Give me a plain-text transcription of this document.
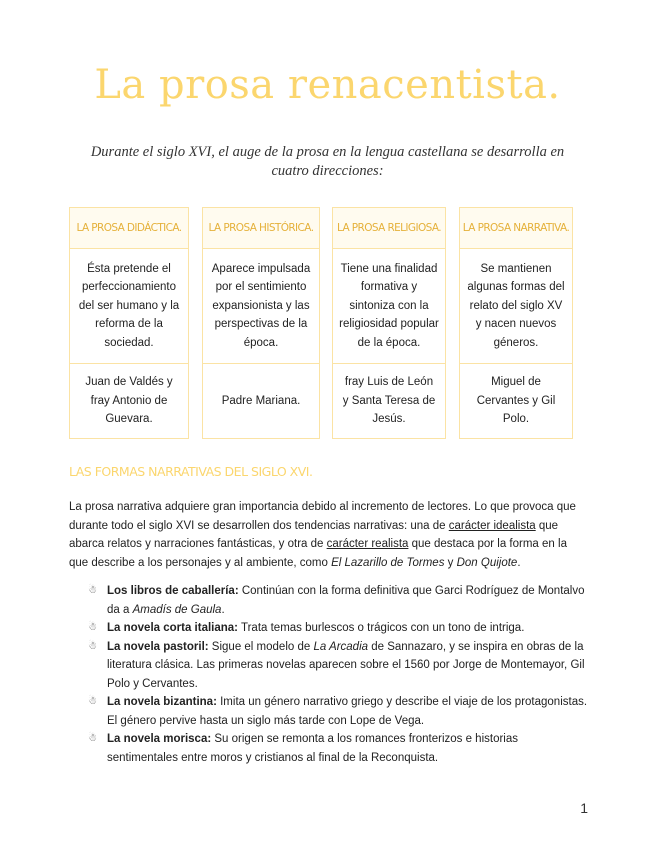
La prosa renacentista.
Durante el siglo XVI, el auge de la prosa en la lengua castellana se desarrolla en cuatro direcciones:
LA PROSA DIDÁCTICA.
Ésta pretende el perfeccionamiento del ser humano y la reforma de la sociedad.
Juan de Valdés y fray Antonio de Guevara.
LA PROSA HISTÓRICA.
Aparece impulsada por el sentimiento expansionista y las perspectivas de la época.
Padre Mariana.
LA PROSA RELIGIOSA.
Tiene una finalidad formativa y sintoniza con la religiosidad popular de la época.
fray Luis de León y Santa Teresa de Jesús.
LA PROSA NARRATIVA.
Se mantienen algunas formas del relato del siglo XV y nacen nuevos géneros.
Miguel de Cervantes y Gil Polo.
LAS FORMAS NARRATIVAS DEL SIGLO XVI.

La prosa narrativa adquiere gran importancia debido al incremento de lectores. Lo que provoca que durante todo el siglo XVI se desarrollen dos tendencias narrativas: una de carácter idealista que abarca relatos y narraciones fantásticas, y otra de carácter realista que destaca por la forma en la que describe a los personajes y al ambiente, como El Lazarillo de Tormes y Don Quijote.

☃ Los libros de caballería: Continúan con la forma definitiva que Garci Rodríguez de Montalvo da a Amadís de Gaula.
☃ La novela corta italiana: Trata temas burlescos o trágicos con un tono de intriga.
☃ La novela pastoril: Sigue el modelo de La Arcadia de Sannazaro, y se inspira en obras de la literatura clásica. Las primeras novelas aparecen sobre el 1560 por Jorge de Montemayor, Gil Polo y Cervantes.
☃ La novela bizantina: Imita un género narrativo griego y describe el viaje de los protagonistas. El género pervive hasta un siglo más tarde con Lope de Vega.
☃ La novela morisca: Su origen se remonta a los romances fronterizos e historias sentimentales entre moros y cristianos al final de la Reconquista.
1
